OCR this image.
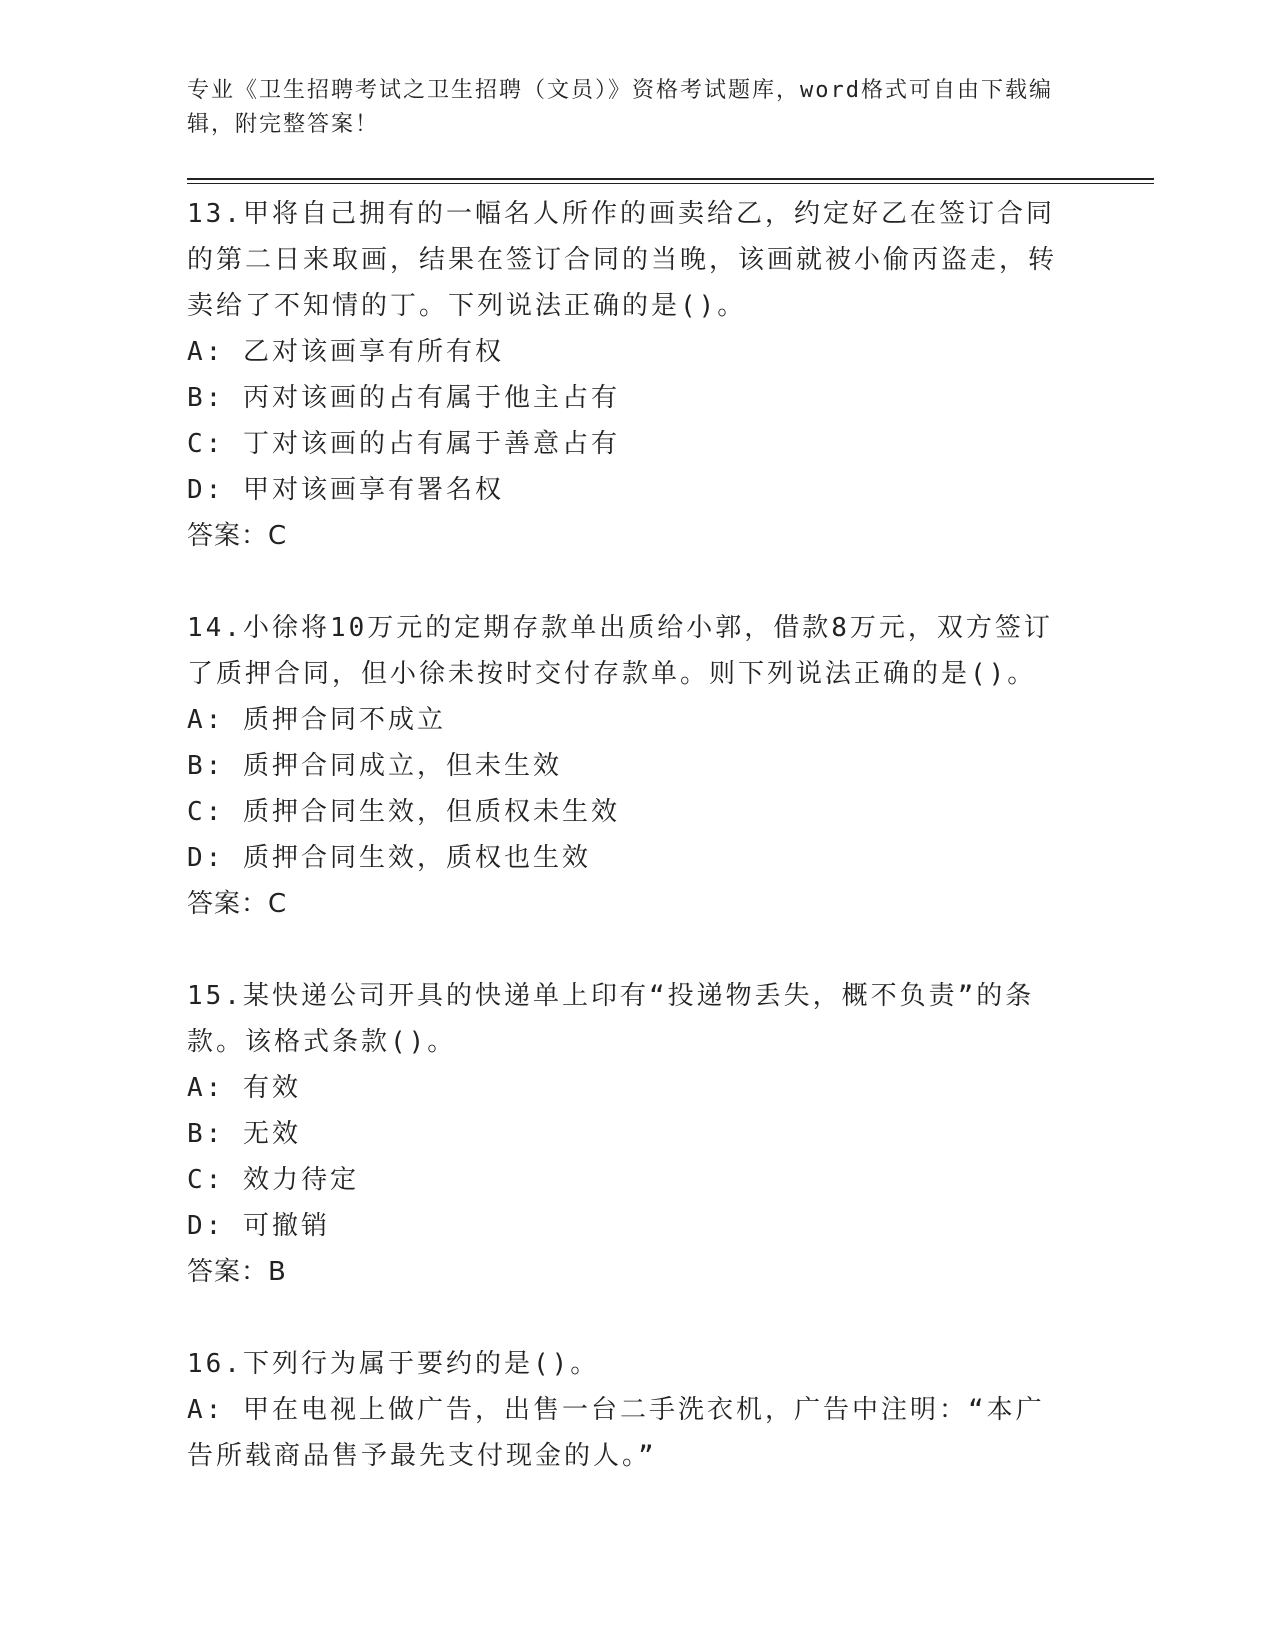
专业《卫生招聘考试之卫生招聘（文员）》资格考试题库，word格式可自由下载编辑，附完整答案！
13.甲将自己拥有的一幅名人所作的画卖给乙，约定好乙在签订合同的第二日来取画，结果在签订合同的当晚，该画就被小偷丙盗走，转卖给了不知情的丁。下列说法正确的是()。
A: 乙对该画享有所有权
B: 丙对该画的占有属于他主占有
C: 丁对该画的占有属于善意占有
D: 甲对该画享有署名权
答案：C
14.小徐将10万元的定期存款单出质给小郭，借款8万元，双方签订了质押合同，但小徐未按时交付存款单。则下列说法正确的是()。
A: 质押合同不成立
B: 质押合同成立，但未生效
C: 质押合同生效，但质权未生效
D: 质押合同生效，质权也生效
答案：C
15.某快递公司开具的快递单上印有“投递物丢失，概不负责”的条款。该格式条款()。
A: 有效
B: 无效
C: 效力待定
D: 可撤销
答案：B
16.下列行为属于要约的是()。
A: 甲在电视上做广告，出售一台二手洗衣机，广告中注明：“本广告所载商品售予最先支付现金的人。”
